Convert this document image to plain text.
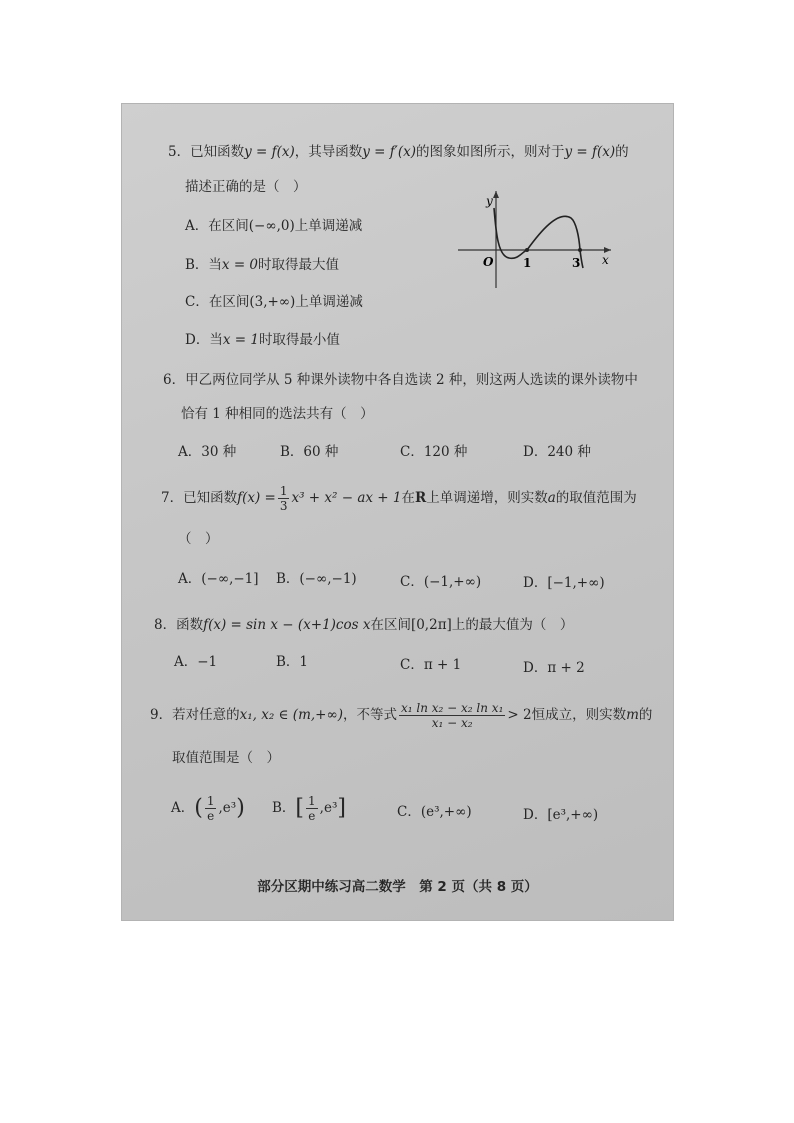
5．已知函数y = f(x)，其导函数y = f′(x)的图象如图所示，则对于y = f(x)的
描述正确的是（　）
A．在区间(−∞,0)上单调递减
B．当x = 0时取得最大值
C．在区间(3,+∞)上单调递减
D．当x = 1时取得最小值
y
x
O 1	3
6．甲乙两位同学从 5 种课外读物中各自选读 2 种，则这两人选读的课外读物中
恰有 1 种相同的选法共有（　）
A．30 种	B．60 种	C．120 种	D．240 种
7．已知函数$f(x) = \frac{1}{3} x^3 + x^2$ − ax + 1在R上单调递增，则实数a的取值范围为
（　）
A．(−∞,−1] B．(−∞,−1)	C．(−1,+∞)	D．[−1,+∞)
8．函数f(x) = sin x − (x+1)cos x在区间[0,2π]上的最大值为（　）
A．−1	B．1	C．π + 1	D．π + 2
9．若对任意的x₁, x₂ ∈ (m,+∞)，不等式 $\frac{\text{x₁ ln x₂ − x₂ ln x₁}}{\text{x₁ − x₂}} > 2$恒成立，则实数m的
取值范围是（　）
A．( $\frac{1}{e} ,e^3$) B．[ $\frac{1}{e} ,e^3$]	C．(e³,+∞)	D．[e³,+∞)
部分区期中练习高二数学　第 2 页（共 8 页）
